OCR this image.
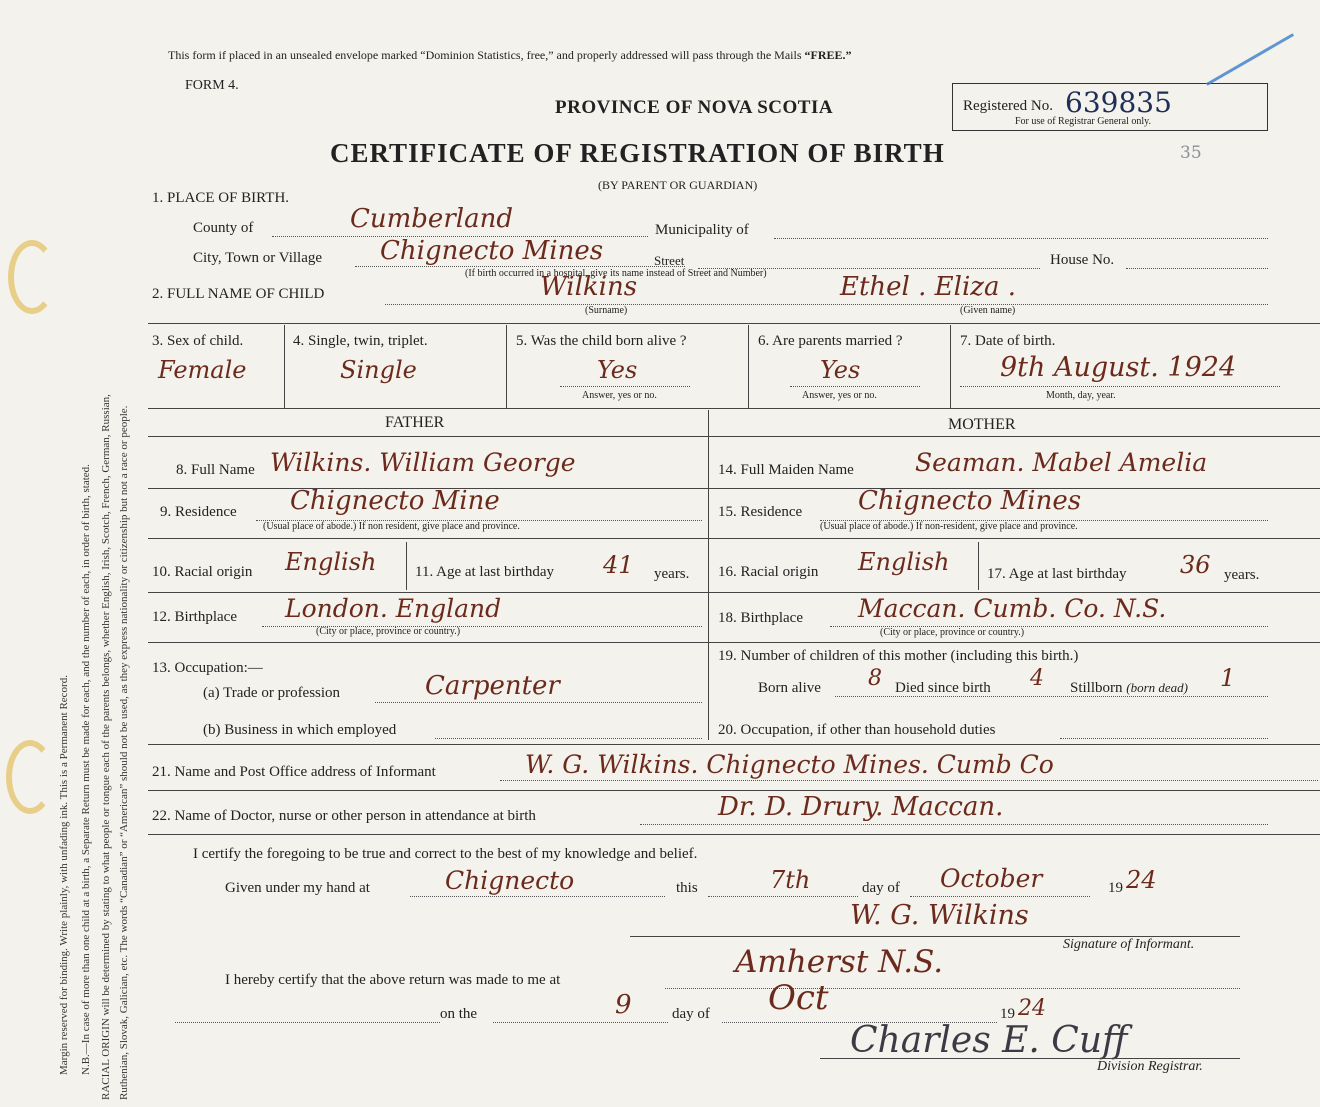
Margin reserved for binding. Write plainly, with unfading ink. This is a Permanent Record. N.B.—In case of more than one child at a birth, a Separate Return must be made for each, and the number of each, in order of birth, stated. RACIAL ORIGIN will be determined by stating to what people or tongue each of the parents belongs, whether English, Irish, Scotch, French, German, Russian, Ruthenian, Slovak, Galician, etc. The words “Canadian” or “American” should not be used, as they express nationality or citizenship but not a race or people.
This form if placed in an unsealed envelope marked “Dominion Statistics, free,” and properly addressed will pass through the Mails “FREE.”
FORM 4.
PROVINCE OF NOVA SCOTIA
CERTIFICATE OF REGISTRATION OF BIRTH
(BY PARENT OR GUARDIAN)
35
Registered No. 639835
For use of Registrar General only.
1. PLACE OF BIRTH.
County of	Cumberland	Municipality of
City, Town or Village Chignecto Mines	Street
(If birth occurred in a hospital, give its name instead of Street and Number)
House No.
2. FULL NAME OF CHILD	Wilkins	Ethel . Eliza .
(Surname)	(Given name)
3. Sex of child.
Female
4. Single, twin, triplet.
Single
5. Was the child born alive ?
Yes
Answer, yes or no.
6. Are parents married ?
Yes
Answer, yes or no.
7. Date of birth.
9th August. 1924
Month, day, year.
FATHER	MOTHER
8. Full Name Wilkins. William George
9. Residence Chignecto Mine
(Usual place of abode.) If non resident, give place and province.
10. Racial origin English	11. Age at last birthday 41 years.
12. Birthplace London. England
(City or place, province or country.)
13. Occupation:—
(a) Trade or profession	Carpenter
(b) Business in which employed
14. Full Maiden Name Seaman. Mabel Amelia
15. Residence Chignecto Mines
(Usual place of abode.) If non-resident, give place and province.
16. Racial origin English	17. Age at last birthday 36 years.
18. Birthplace Maccan. Cumb. Co. N.S.
(City or place, province or country.)
19. Number of children of this mother (including this birth.)
Born alive 8 Died since birth 4 Stillborn (born dead) 1
20. Occupation, if other than household duties
21. Name and Post Office address of Informant	W. G. Wilkins. Chignecto Mines. Cumb Co
22. Name of Doctor, nurse or other person in attendance at birth	Dr. D. Drury. Maccan.
I certify the foregoing to be true and correct to the best of my knowledge and belief.
Given under my hand at	Chignecto	this	7th	day of October	19 24
W. G. Wilkins
Signature of Informant.
I hereby certify that the above return was made to me at	Amherst N.S.
on the	9	day of Oct	19 24
Charles E. Cuff
Division Registrar.
